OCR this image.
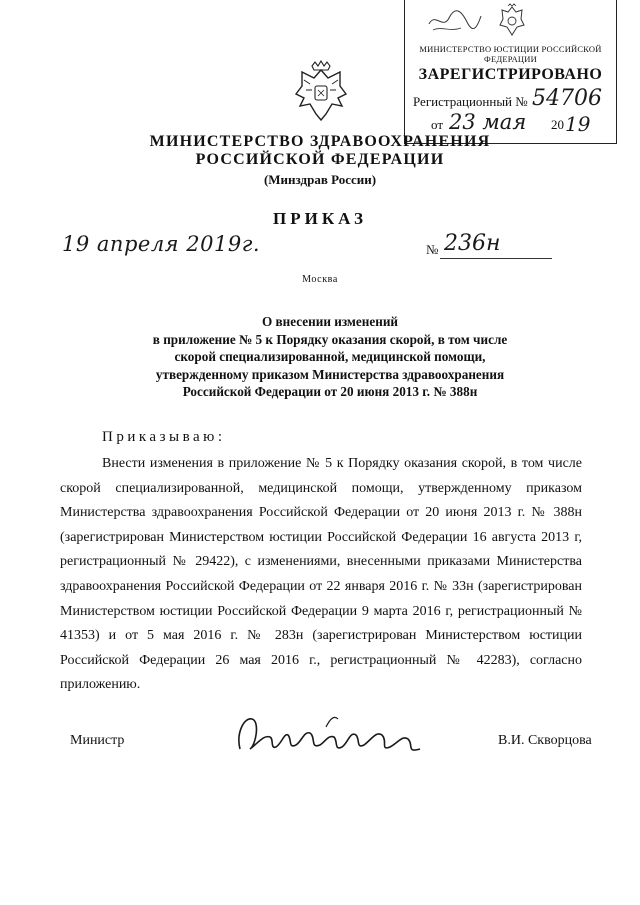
МИНИСТЕРСТВО ЮСТИЦИИ РОССИЙСКОЙ ФЕДЕРАЦИИ
ЗАРЕГИСТРИРОВАНО
Регистрационный № 54706
от 23 мая 20 19
МИНИСТЕРСТВО ЗДРАВООХРАНЕНИЯ
РОССИЙСКОЙ ФЕДЕРАЦИИ
(Минздрав России)
ПРИКАЗ
19 апреля 2019г.	№ 236н
Москва
О внесении изменений
в приложение № 5 к Порядку оказания скорой, в том числе
скорой специализированной, медицинской помощи,
утвержденному приказом Министерства здравоохранения
Российской Федерации от 20 июня 2013 г. № 388н
Приказываю:
Внести изменения в приложение № 5 к Порядку оказания скорой, в том числе скорой специализированной, медицинской помощи, утвержденному приказом Министерства здравоохранения Российской Федерации от 20 июня 2013 г. № 388н (зарегистрирован Министерством юстиции Российской Федерации 16 августа 2013 г, регистрационный № 29422), с изменениями, внесенными приказами Министерства здравоохранения Российской Федерации от 22 января 2016 г. № 33н (зарегистрирован Министерством юстиции Российской Федерации 9 марта 2016 г, регистрационный № 41353) и от 5 мая 2016 г. № 283н (зарегистрирован Министерством юстиции Российской Федерации 26 мая 2016 г., регистрационный № 42283), согласно приложению.
Министр	В.И. Скворцова
